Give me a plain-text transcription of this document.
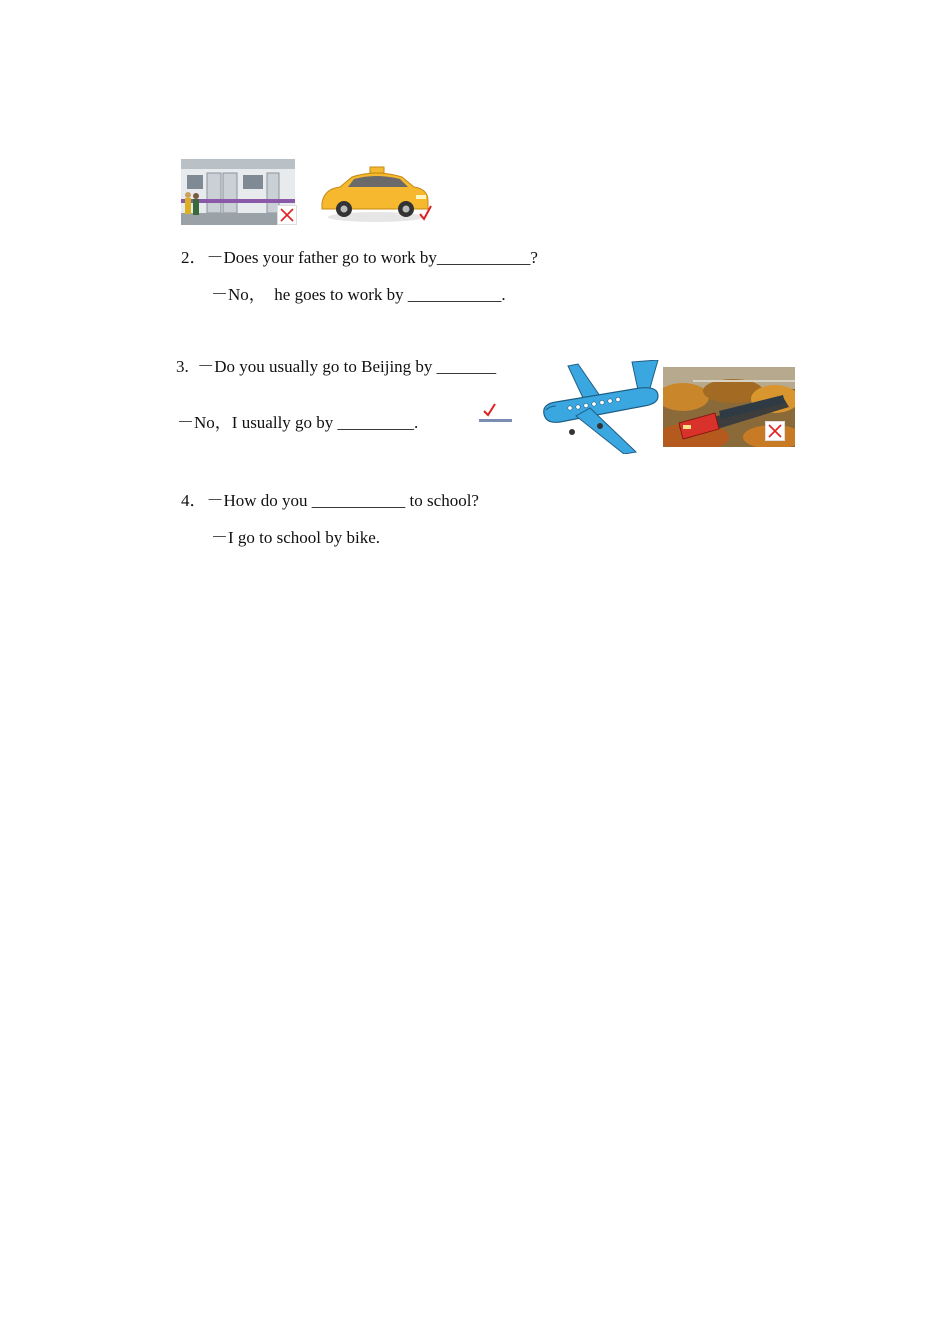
2．－Does your father go to work by___________?
－No，  he goes to work by ___________.
3.  －Do you usually go to Beijing by _______
－No，I usually go by _________.
4．－How do you ___________ to school?
－I go to school by bike.
